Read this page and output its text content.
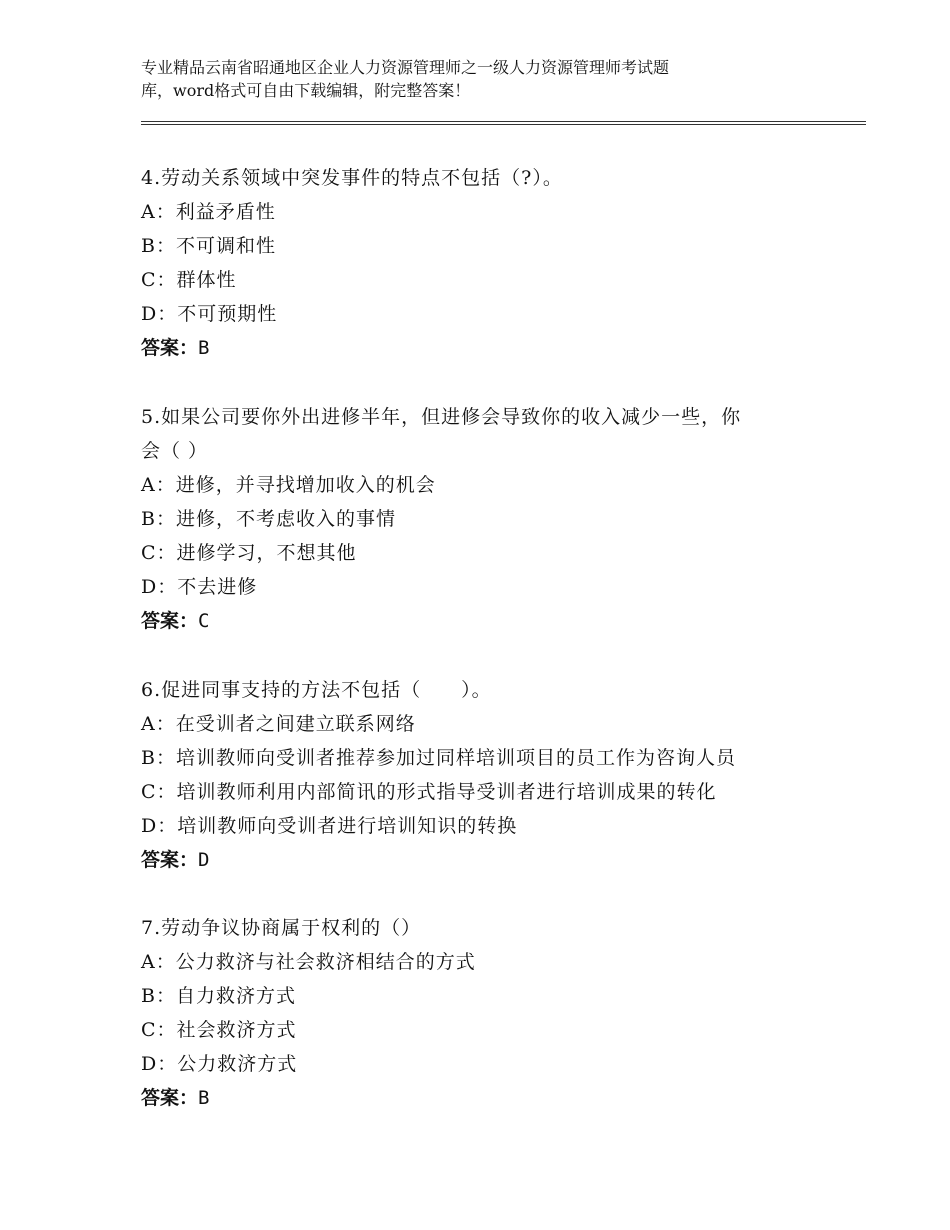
专业精品云南省昭通地区企业人力资源管理师之一级人力资源管理师考试题
库，word格式可自由下载编辑，附完整答案！
4.劳动关系领域中突发事件的特点不包括（?）。
A：利益矛盾性
B：不可调和性
C：群体性
D：不可预期性
答案：B
5.如果公司要你外出进修半年，但进修会导致你的收入减少一些，你
会（ ）
A：进修，并寻找增加收入的机会
B：进修，不考虑收入的事情
C：进修学习，不想其他
D：不去进修
答案：C
6.促进同事支持的方法不包括（　　）。
A：在受训者之间建立联系网络
B：培训教师向受训者推荐参加过同样培训项目的员工作为咨询人员
C：培训教师利用内部简讯的形式指导受训者进行培训成果的转化
D：培训教师向受训者进行培训知识的转换
答案：D
7.劳动争议协商属于权利的（）
A：公力救济与社会救济相结合的方式
B：自力救济方式
C：社会救济方式
D：公力救济方式
答案：B
